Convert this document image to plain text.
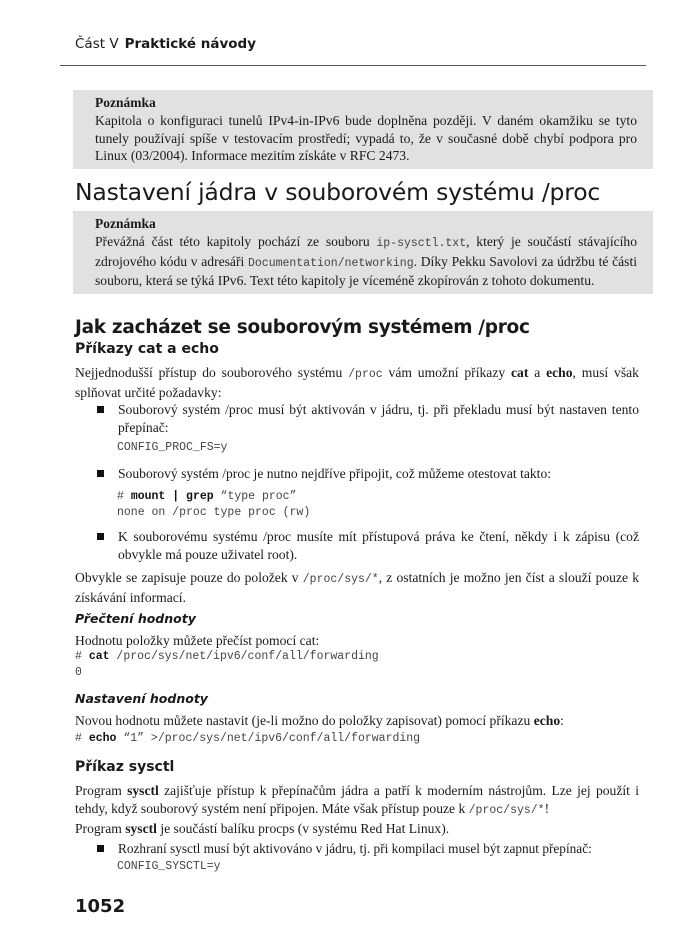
Část V Praktické návody
Poznámka

Kapitola o konfiguraci tunelů IPv4-in-IPv6 bude doplněna později. V daném okamžiku se tyto tunely používají spíše v testovacím prostředí; vypadá to, že v současné době chybí podpora pro Linux (03/2004). Informace mezitím získáte v RFC 2473.

Nastavení jádra v souborovém systému /proc
Poznámka

Převážná část této kapitoly pochází ze souboru ip-sysctl.txt, který je součástí stávajícího zdrojového kódu v adresáři Documentation/networking. Díky Pekku Savolovi za údržbu té části souboru, která se týká IPv6. Text této kapitoly je víceméně zkopírován z tohoto dokumentu.

Jak zacházet se souborovým systémem /proc
Příkazy cat a echo

Nejjednodušší přístup do souborového systému /proc vám umožní příkazy cat a echo, musí však splňovat určité požadavky:

Souborový systém /proc musí být aktivován v jádru, tj. při překladu musí být nastaven tento přepínač:

CONFIG_PROC_FS=y

Souborový systém /proc je nutno nejdříve připojit, což můžeme otestovat takto:

# mount | grep “type proc”
none on /proc type proc (rw)

K souborovému systému /proc musíte mít přístupová práva ke čtení, někdy i k zápisu (což obvykle má pouze uživatel root).

Obvykle se zapisuje pouze do položek v /proc/sys/*, z ostatních je možno jen číst a slouží pouze k získávání informací.

Přečtení hodnoty

Hodnotu položky můžete přečíst pomocí cat:

# cat /proc/sys/net/ipv6/conf/all/forwarding
0
Nastavení hodnoty

Novou hodnotu můžete nastavit (je-li možno do položky zapisovat) pomocí příkazu echo:

# echo “1” >/proc/sys/net/ipv6/conf/all/forwarding
Příkaz sysctl

Program sysctl zajišťuje přístup k přepínačům jádra a patří k moderním nástrojům. Lze jej použít i tehdy, když souborový systém není připojen. Máte však přístup pouze k /proc/sys/*!

Program sysctl je součástí balíku procps (v systému Red Hat Linux).

Rozhraní sysctl musí být aktivováno v jádru, tj. při kompilaci musel být zapnut přepínač:

CONFIG_SYSCTL=y
1052
